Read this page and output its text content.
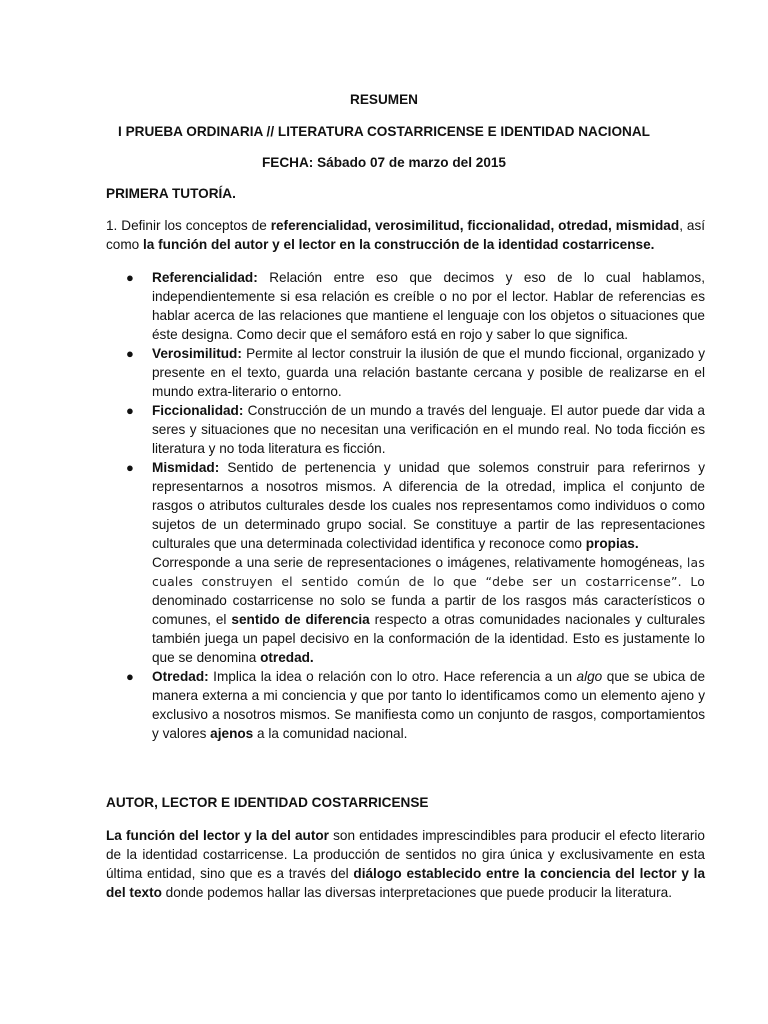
RESUMEN
I PRUEBA ORDINARIA // LITERATURA COSTARRICENSE E IDENTIDAD NACIONAL
FECHA: Sábado 07 de marzo del 2015
PRIMERA TUTORÍA.
1. Definir los conceptos de referencialidad, verosimilitud, ficcionalidad, otredad, mismidad, así como la función del autor y el lector en la construcción de la identidad costarricense.
● Referencialidad: Relación entre eso que decimos y eso de lo cual hablamos, independientemente si esa relación es creíble o no por el lector. Hablar de referencias es hablar acerca de las relaciones que mantiene el lenguaje con los objetos o situaciones que éste designa. Como decir que el semáforo está en rojo y saber lo que significa.
● Verosimilitud: Permite al lector construir la ilusión de que el mundo ficcional, organizado y presente en el texto, guarda una relación bastante cercana y posible de realizarse en el mundo extra-literario o entorno.
● Ficcionalidad: Construcción de un mundo a través del lenguaje. El autor puede dar vida a seres y situaciones que no necesitan una verificación en el mundo real. No toda ficción es literatura y no toda literatura es ficción.
● Mismidad: Sentido de pertenencia y unidad que solemos construir para referirnos y representarnos a nosotros mismos. A diferencia de la otredad, implica el conjunto de rasgos o atributos culturales desde los cuales nos representamos como individuos o como sujetos de un determinado grupo social. Se constituye a partir de las representaciones culturales que una determinada colectividad identifica y reconoce como propias.
Corresponde a una serie de representaciones o imágenes, relativamente homogéneas, las cuales construyen el sentido común de lo que “debe ser un costarricense”. Lo denominado costarricense no solo se funda a partir de los rasgos más característicos o comunes, el sentido de diferencia respecto a otras comunidades nacionales y culturales también juega un papel decisivo en la conformación de la identidad. Esto es justamente lo que se denomina otredad.
● Otredad: Implica la idea o relación con lo otro. Hace referencia a un algo que se ubica de manera externa a mi conciencia y que por tanto lo identificamos como un elemento ajeno y exclusivo a nosotros mismos. Se manifiesta como un conjunto de rasgos, comportamientos y valores ajenos a la comunidad nacional.
AUTOR, LECTOR E IDENTIDAD COSTARRICENSE
La función del lector y la del autor son entidades imprescindibles para producir el efecto literario de la identidad costarricense. La producción de sentidos no gira única y exclusivamente en esta última entidad, sino que es a través del diálogo establecido entre la conciencia del lector y la del texto donde podemos hallar las diversas interpretaciones que puede producir la literatura.
